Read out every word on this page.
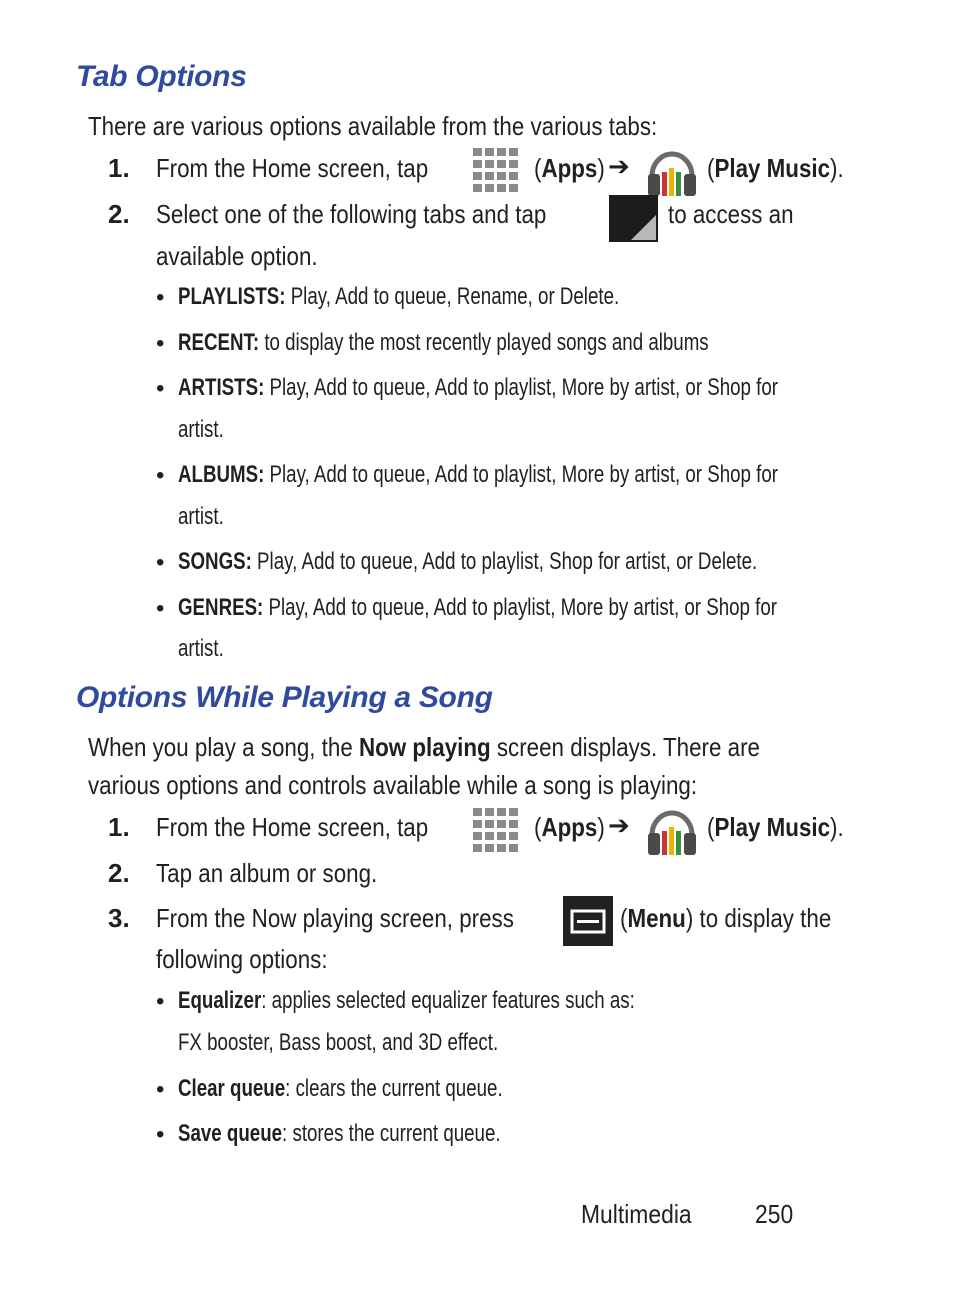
Tab Options
There are various options available from the various tabs:
1. From the Home screen, tap	(Apps) ➔	(Play Music).
2. Select one of the following tabs and tap	to access an
available option.
• PLAYLISTS: Play, Add to queue, Rename, or Delete.
• RECENT: to display the most recently played songs and albums
• ARTISTS: Play, Add to queue, Add to playlist, More by artist, or Shop for
artist.
• ALBUMS: Play, Add to queue, Add to playlist, More by artist, or Shop for
artist.
• SONGS: Play, Add to queue, Add to playlist, Shop for artist, or Delete.
• GENRES: Play, Add to queue, Add to playlist, More by artist, or Shop for
artist.
Options While Playing a Song
When you play a song, the Now playing screen displays. There are
various options and controls available while a song is playing:
1. From the Home screen, tap	(Apps) ➔	(Play Music).
2. Tap an album or song.
3. From the Now playing screen, press	(Menu) to display the
following options:
• Equalizer: applies selected equalizer features such as:
FX booster, Bass boost, and 3D effect.
• Clear queue: clears the current queue.
• Save queue: stores the current queue.
Multimedia 250
